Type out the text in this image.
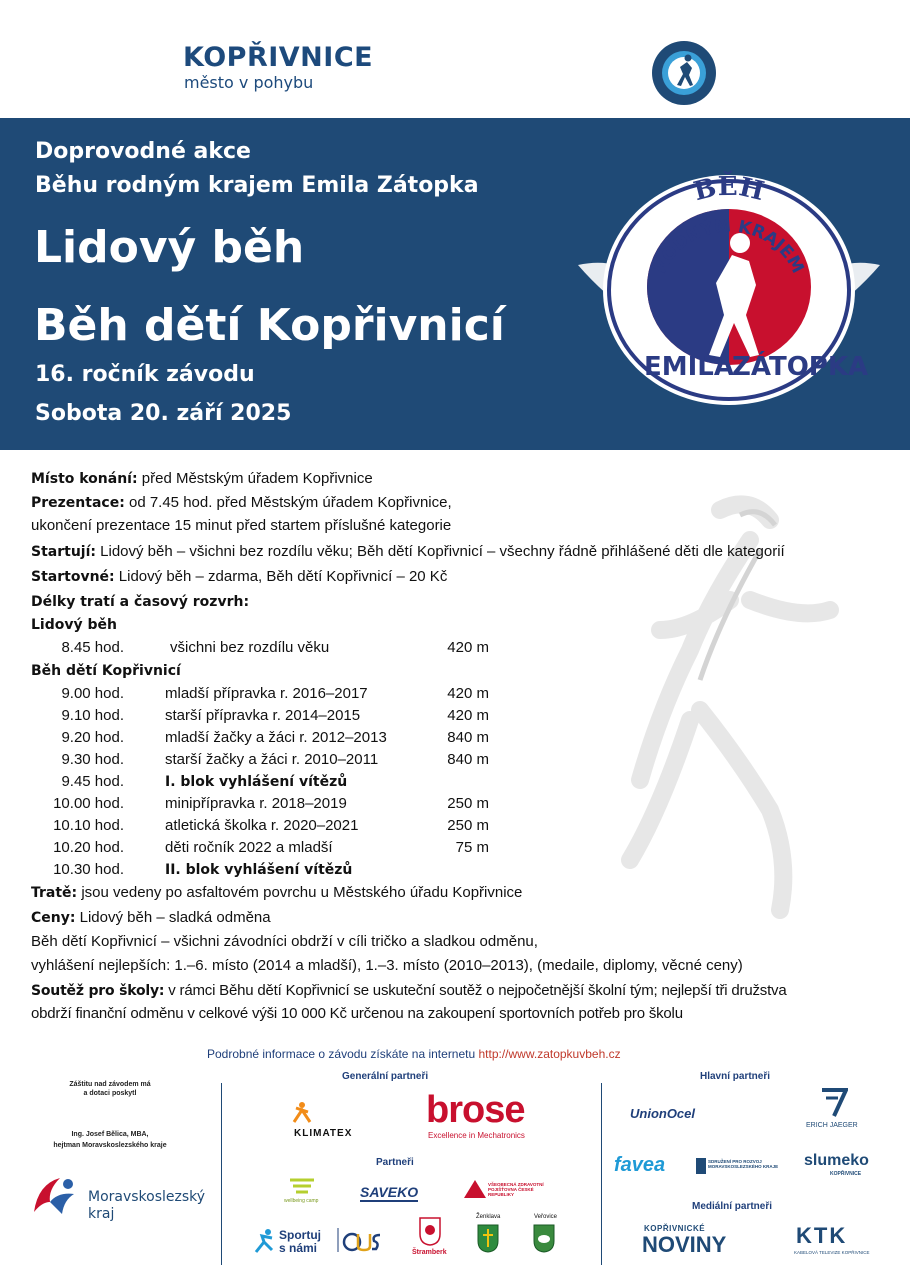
KOPŘIVNICE
město v pohybu
Doprovodné akce
Běhu rodným krajem Emila Zátopka
Lidový běh
Běh dětí Kopřivnicí
16. ročník závodu
Sobota 20. září 2025
BĚH
RODNÝM KRAJEM
EMILA
ZÁTOPKA
Místo konání: před Městským úřadem Kopřivnice
Prezentace: od 7.45 hod. před Městským úřadem Kopřivnice,
ukončení prezentace 15 minut před startem příslušné kategorie
Startují: Lidový běh – všichni bez rozdílu věku; Běh dětí Kopřivnicí – všechny řádně přihlášené děti dle kategorií
Startovné: Lidový běh – zdarma, Běh dětí Kopřivnicí – 20 Kč
Délky tratí a časový rozvrh:
Lidový běh
Běh dětí Kopřivnicí
8.45 hod.	všichni bez rozdílu věku	420 m
9.00 hod.	mladší přípravka r. 2016–2017	420 m
9.10 hod.	starší přípravka r. 2014–2015	420 m
9.20 hod.	mladší žačky a žáci r. 2012–2013	840 m
9.30 hod.	starší žačky a žáci r. 2010–2011	840 m
9.45 hod.	I. blok vyhlášení vítězů
10.00 hod.	minipřípravka r. 2018–2019	250 m
10.10 hod.	atletická školka r. 2020–2021	250 m
10.20 hod.	děti ročník 2022 a mladší	75 m
10.30 hod.	II. blok vyhlášení vítězů
Tratě: jsou vedeny po asfaltovém povrchu u Městského úřadu Kopřivnice
Ceny: Lidový běh – sladká odměna
Běh dětí Kopřivnicí – všichni závodníci obdrží v cíli tričko a sladkou odměnu,
vyhlášení nejlepších: 1.–6. místo (2014 a mladší), 1.–3. místo (2010–2013), (medaile, diplomy, věcné ceny)
Soutěž pro školy: v rámci Běhu dětí Kopřivnicí se uskuteční soutěž o nejpočetnější školní tým; nejlepší tři družstva
obdrží finanční odměnu v celkové výši 10 000 Kč určenou na zakoupení sportovních potřeb pro školu
Podrobné informace o závodu získáte na internetu http://www.zatopkuvbeh.cz
Záštitu nad závodem má
a dotaci poskytl
Ing. Josef Bělica, MBA,
hejtman Moravskoslezského kraje
Moravskoslezský
kraj
Generální partneři	Hlavní partneři
Partneři
Mediální partneři
KLIMATEX
brose
Excellence in Mechatronics
wellbeing camp
SAVEKO	VŠEOBECNÁ ZDRAVOTNÍ POJIŠŤOVNA ČESKÉ REPUBLIKY
Sportuj
s námi	Štramberk
Ženklava	Veřovice
UnionOcel
ERICH JAEGER
favea	SDRUŽENÍ PRO ROZVOJ MORAVSKOSLEZSKÉHO KRAJE	slumeko
KOPŘIVNICE
KOPŘIVNICKÉ
NOVINY	KTK
KABELOVÁ TELEVIZE KOPŘIVNICE
